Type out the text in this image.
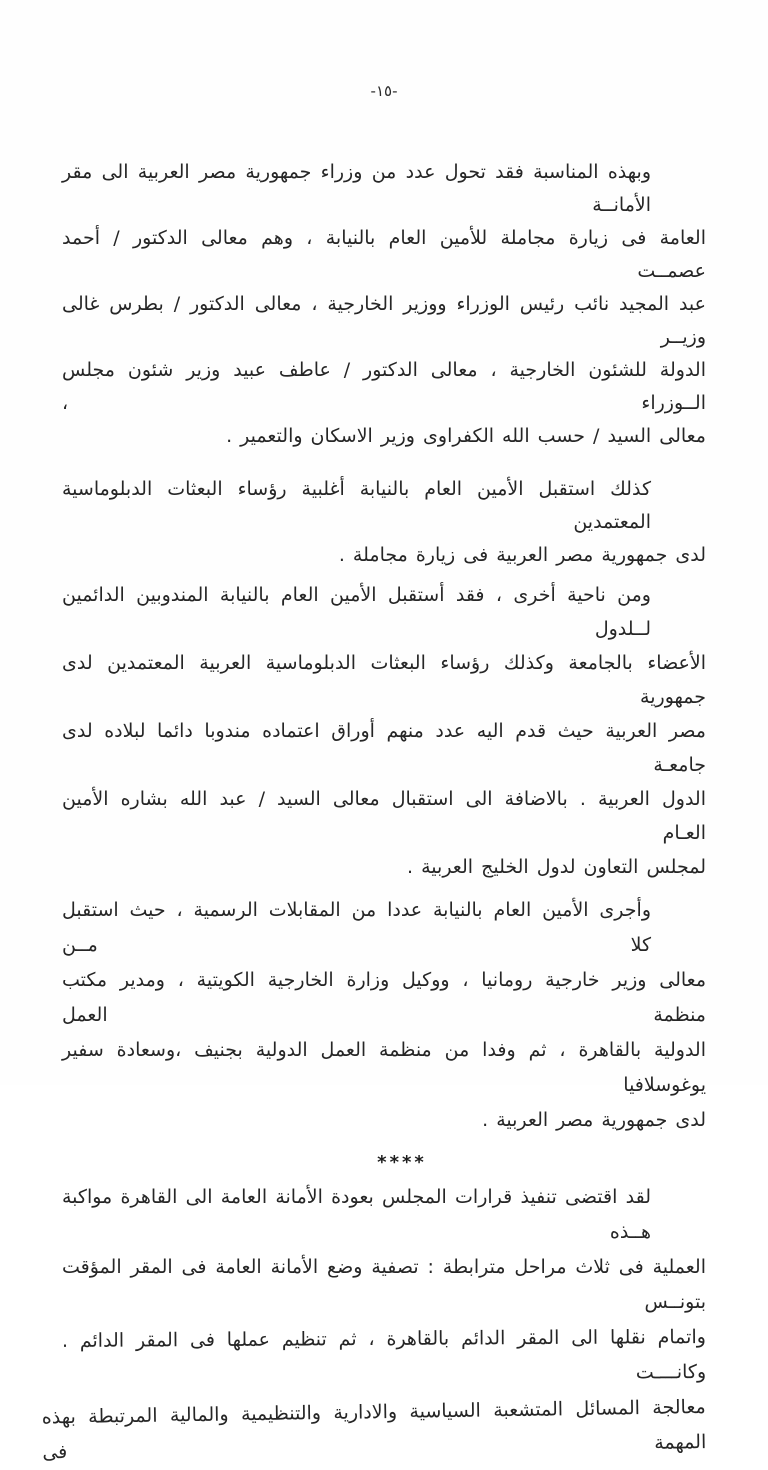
-١٥-
وبهذه المناسبة فقد تحول عدد من وزراء جمهورية مصر العربية الى مقر الأمانــة
العامة فى زيارة مجاملة للأمين العام بالنيابة ، وهم معالى الدكتور / أحمد عصمــت
عبد المجيد نائب رئيس الوزراء ووزير الخارجية ، معالى الدكتور / بطرس غالى وزيــر
الدولة للشئون الخارجية ، معالى الدكتور / عاطف عبيد وزير شئون مجلس الــوزراء ،
معالى السيد / حسب الله الكفراوى وزير الاسكان والتعمير .
كذلك استقبل الأمين العام بالنيابة أغلبية رؤساء البعثات الدبلوماسية المعتمدين
لدى جمهورية مصر العربية فى زيارة مجاملة .
ومن ناحية أخرى ، فقد أستقبل الأمين العام بالنيابة المندوبين الدائمين لــلدول
الأعضاء بالجامعة وكذلك رؤساء البعثات الدبلوماسية العربية المعتمدين لدى جمهورية
مصر العربية حيث قدم اليه عدد منهم أوراق اعتماده مندوبا دائما لبلاده لدى جامعـة
الدول العربية . بالاضافة الى استقبال معالى السيد / عبد الله بشاره الأمين العـام
لمجلس التعاون لدول الخليج العربية .
وأجرى الأمين العام بالنيابة عددا من المقابلات الرسمية ، حيث استقبل كلا مــن
معالى وزير خارجية رومانيا ، ووكيل وزارة الخارجية الكويتية ، ومدير مكتب منظمة العمل
الدولية بالقاهرة ، ثم وفدا من منظمة العمل الدولية بجنيف ،وسعادة سفير يوغوسلافيا
لدى جمهورية مصر العربية .
****
لقد اقتضى تنفيذ قرارات المجلس بعودة الأمانة العامة الى القاهرة مواكبة هــذه
العملية فى ثلاث مراحل مترابطة : تصفية وضع الأمانة العامة فى المقر المؤقت بتونــس
واتمام نقلها الى المقر الدائم بالقاهرة ، ثم تنظيم عملها فى المقر الدائم . وكانــــت
معالجة المسائل المتشعبة السياسية والادارية والتنظيمية والمالية المرتبطة بهذه المهمة فى
